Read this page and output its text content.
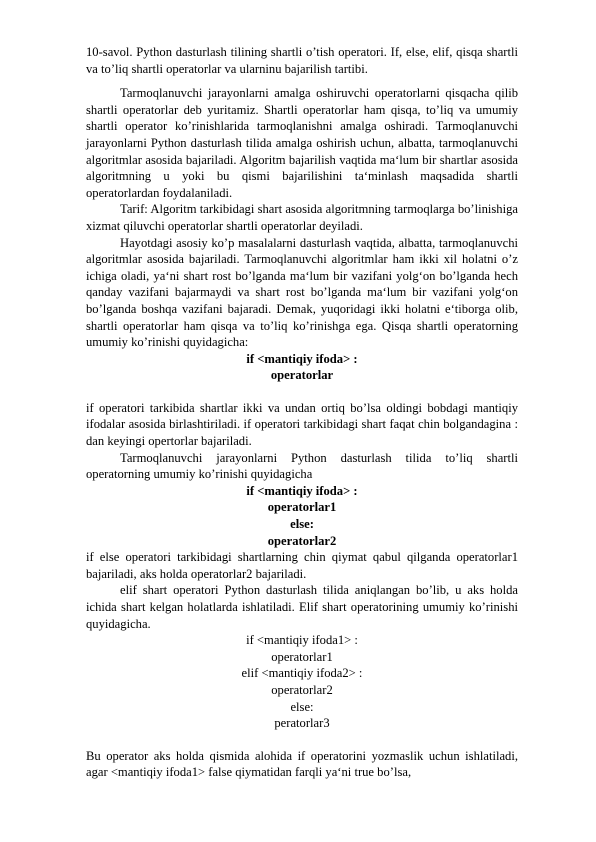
10-savol. Python dasturlash tilining shartli o’tish operatori. If, else, elif, qisqa shartli va to’liq shartli operatorlar va ularninu bajarilish tartibi.

Tarmoqlanuvchi jarayonlarni amalga oshiruvchi operatorlarni qisqacha qilib shartli operatorlar deb yuritamiz. Shartli operatorlar ham qisqa, to’liq va umumiy shartli operator ko’rinishlarida tarmoqlanishni amalga oshiradi. Tarmoqlanuvchi jarayonlarni Python dasturlash tilida amalga oshirish uchun, albatta, tarmoqlanuvchi algoritmlar asosida bajariladi. Algoritm bajarilish vaqtida ma‘lum bir shartlar asosida algoritmning u yoki bu qismi bajarilishini ta‘minlash maqsadida shartli operatorlardan foydalaniladi.

Tarif: Algoritm tarkibidagi shart asosida algoritmning tarmoqlarga bo’linishiga xizmat qiluvchi operatorlar shartli operatorlar deyiladi.

Hayotdagi asosiy ko’p masalalarni dasturlash vaqtida, albatta, tarmoqlanuvchi algoritmlar asosida bajariladi. Tarmoqlanuvchi algoritmlar ham ikki xil holatni o’z ichiga oladi, ya‘ni shart rost bo’lganda ma‘lum bir vazifani yolg‘on bo’lganda hech qanday vazifani bajarmaydi va shart rost bo’lganda ma‘lum bir vazifani yolg‘on bo’lganda boshqa vazifani bajaradi. Demak, yuqoridagi ikki holatni e‘tiborga olib, shartli operatorlar ham qisqa va to’liq ko’rinishga ega. Qisqa shartli operatorning umumiy ko’rinishi quyidagicha:

if <mantiqiy ifoda> :

operatorlar

if operatori tarkibida shartlar ikki va undan ortiq bo’lsa oldingi bobdagi mantiqiy ifodalar asosida birlashtiriladi. if operatori tarkibidagi shart faqat chin bolgandagina : dan keyingi opertorlar bajariladi.

Tarmoqlanuvchi jarayonlarni Python dasturlash tilida to’liq shartli operatorning umumiy ko’rinishi quyidagicha

if <mantiqiy ifoda> :

operatorlar1

else:

operatorlar2

if else operatori tarkibidagi shartlarning chin qiymat qabul qilganda operatorlar1 bajariladi, aks holda operatorlar2 bajariladi.

elif shart operatori Python dasturlash tilida aniqlangan bo’lib, u aks holda ichida shart kelgan holatlarda ishlatiladi. Elif shart operatorining umumiy ko’rinishi quyidagicha.

if <mantiqiy ifoda1> :

operatorlar1

elif <mantiqiy ifoda2> :

operatorlar2

else:

peratorlar3

Bu operator aks holda qismida alohida if operatorini yozmaslik uchun ishlatiladi, agar <mantiqiy ifoda1> false qiymatidan farqli ya‘ni true bo’lsa,
